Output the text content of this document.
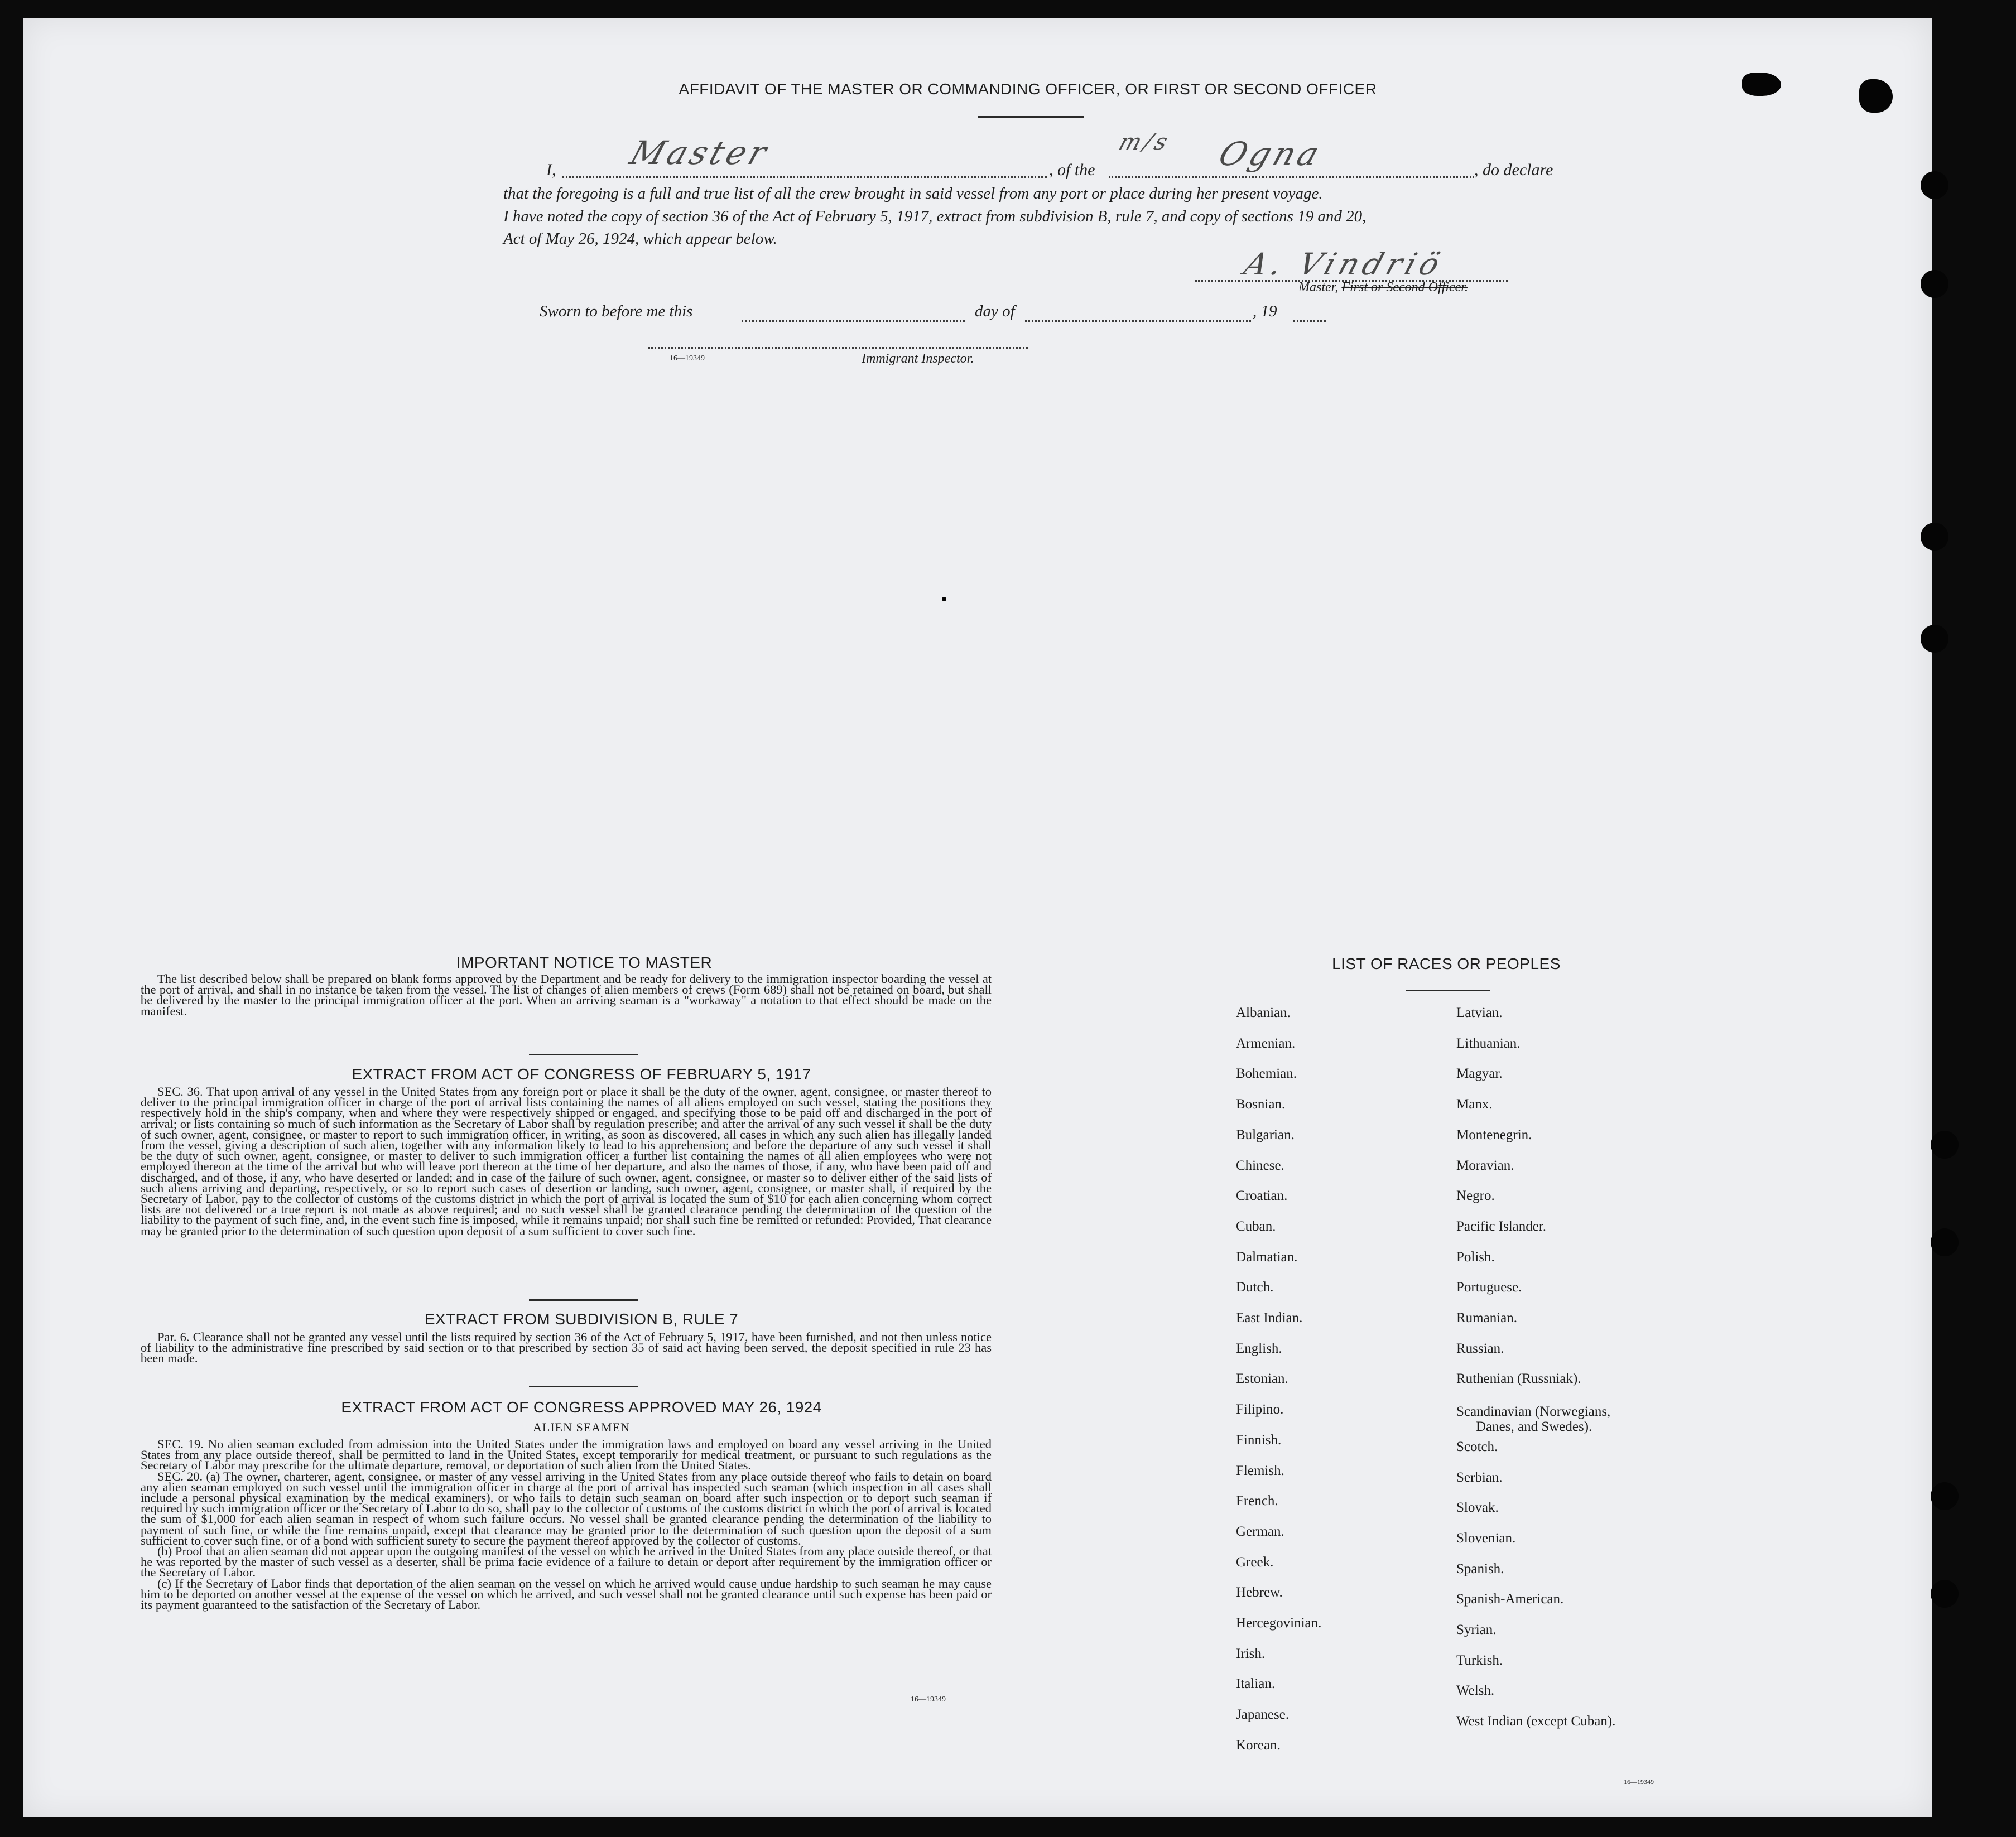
AFFIDAVIT OF THE MASTER OR COMMANDING OFFICER, OR FIRST OR SECOND OFFICER
I, Master	, of the
m/s Ogna	, do declare
that the foregoing is a full and true list of all the crew brought in said vessel from any port or place during her present voyage.
I have noted the copy of section 36 of the Act of February 5, 1917, extract from subdivision B, rule 7, and copy of sections 19 and 20,
Act of May 26, 1924, which appear below.
A. Vindriö
Master, First or Second Officer.
Sworn to before me this	day of	, 19
16—19349	Immigrant Inspector.
IMPORTANT NOTICE TO MASTER

The list described below shall be prepared on blank forms approved by the Department and be ready for delivery to the immigration inspector boarding the vessel at the port of arrival, and shall in no instance be taken from the vessel. The list of changes of alien members of crews (Form 689) shall not be retained on board, but shall be delivered by the master to the principal immigration officer at the port. When an arriving seaman is a "workaway" a notation to that effect should be made on the manifest.

EXTRACT FROM ACT OF CONGRESS OF FEBRUARY 5, 1917

SEC. 36. That upon arrival of any vessel in the United States from any foreign port or place it shall be the duty of the owner, agent, consignee, or master thereof to deliver to the principal immigration officer in charge of the port of arrival lists containing the names of all aliens employed on such vessel, stating the positions they respectively hold in the ship's company, when and where they were respectively shipped or engaged, and specifying those to be paid off and discharged in the port of arrival; or lists containing so much of such information as the Secretary of Labor shall by regulation prescribe; and after the arrival of any such vessel it shall be the duty of such owner, agent, consignee, or master to report to such immigration officer, in writing, as soon as discovered, all cases in which any such alien has illegally landed from the vessel, giving a description of such alien, together with any information likely to lead to his apprehension; and before the departure of any such vessel it shall be the duty of such owner, agent, consignee, or master to deliver to such immigration officer a further list containing the names of all alien employees who were not employed thereon at the time of the arrival but who will leave port thereon at the time of her departure, and also the names of those, if any, who have been paid off and discharged, and of those, if any, who have deserted or landed; and in case of the failure of such owner, agent, consignee, or master so to deliver either of the said lists of such aliens arriving and departing, respectively, or so to report such cases of desertion or landing, such owner, agent, consignee, or master shall, if required by the Secretary of Labor, pay to the collector of customs of the customs district in which the port of arrival is located the sum of $10 for each alien concerning whom correct lists are not delivered or a true report is not made as above required; and no such vessel shall be granted clearance pending the determination of the question of the liability to the payment of such fine, and, in the event such fine is imposed, while it remains unpaid; nor shall such fine be remitted or refunded: Provided, That clearance may be granted prior to the determination of such question upon deposit of a sum sufficient to cover such fine.

EXTRACT FROM SUBDIVISION B, RULE 7

Par. 6. Clearance shall not be granted any vessel until the lists required by section 36 of the Act of February 5, 1917, have been furnished, and not then unless notice of liability to the administrative fine prescribed by said section or to that prescribed by section 35 of said act having been served, the deposit specified in rule 23 has been made.

EXTRACT FROM ACT OF CONGRESS APPROVED MAY 26, 1924
ALIEN SEAMEN

SEC. 19. No alien seaman excluded from admission into the United States under the immigration laws and employed on board any vessel arriving in the United States from any place outside thereof, shall be permitted to land in the United States, except temporarily for medical treatment, or pursuant to such regulations as the Secretary of Labor may prescribe for the ultimate departure, removal, or deportation of such alien from the United States.

SEC. 20. (a) The owner, charterer, agent, consignee, or master of any vessel arriving in the United States from any place outside thereof who fails to detain on board any alien seaman employed on such vessel until the immigration officer in charge at the port of arrival has inspected such seaman (which inspection in all cases shall include a personal physical examination by the medical examiners), or who fails to detain such seaman on board after such inspection or to deport such seaman if required by such immigration officer or the Secretary of Labor to do so, shall pay to the collector of customs of the customs district in which the port of arrival is located the sum of $1,000 for each alien seaman in respect of whom such failure occurs. No vessel shall be granted clearance pending the determination of the liability to payment of such fine, or while the fine remains unpaid, except that clearance may be granted prior to the determination of such question upon the deposit of a sum sufficient to cover such fine, or of a bond with sufficient surety to secure the payment thereof approved by the collector of customs.

(b) Proof that an alien seaman did not appear upon the outgoing manifest of the vessel on which he arrived in the United States from any place outside thereof, or that he was reported by the master of such vessel as a deserter, shall be prima facie evidence of a failure to detain or deport after requirement by the immigration officer or the Secretary of Labor.

(c) If the Secretary of Labor finds that deportation of the alien seaman on the vessel on which he arrived would cause undue hardship to such seaman he may cause him to be deported on another vessel at the expense of the vessel on which he arrived, and such vessel shall not be granted clearance until such expense has been paid or its payment guaranteed to the satisfaction of the Secretary of Labor.

16—19349
LIST OF RACES OR PEOPLES
16—19349
Albanian.
Armenian.
Bohemian.
Bosnian.
Bulgarian.
Chinese.
Croatian.
Cuban.
Dalmatian.
Dutch.
East Indian.
English.
Estonian.
Filipino.
Finnish.
Flemish.
French.
German.
Greek.
Hebrew.
Hercegovinian.
Irish.
Italian.
Japanese.
Korean.
Latvian.
Lithuanian.
Magyar.
Manx.
Montenegrin.
Moravian.
Negro.
Pacific Islander.
Polish.
Portuguese.
Rumanian.
Russian.
Ruthenian (Russniak).
Scandinavian (Norwegians,
Danes, and Swedes).
Scotch.
Serbian.
Slovak.
Slovenian.
Spanish.
Spanish-American.
Syrian.
Turkish.
Welsh.
West Indian (except Cuban).
